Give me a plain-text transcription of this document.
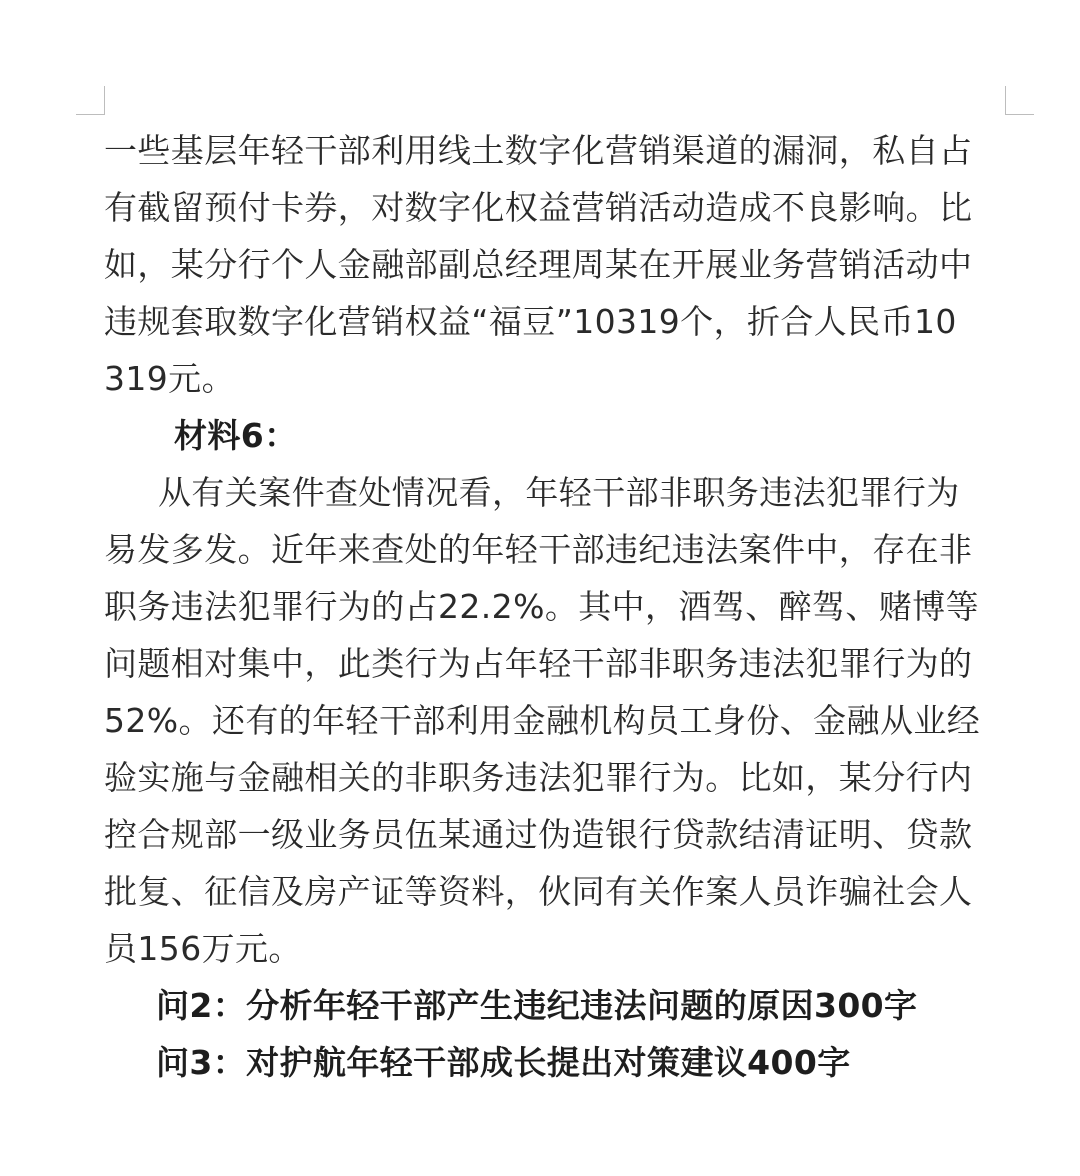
一些基层年轻干部利用线土数字化营销渠道的漏洞，私自占
有截留预付卡券，对数字化权益营销活动造成不良影响。比
如，某分行个人金融部副总经理周某在开展业务营销活动中
违规套取数字化营销权益“福豆”10319个，折合人民币10
319元。
材料6：
从有关案件查处情况看，年轻干部非职务违法犯罪行为
易发多发。近年来查处的年轻干部违纪违法案件中，存在非
职务违法犯罪行为的占22.2%。其中，酒驾、醉驾、赌博等
问题相对集中，此类行为占年轻干部非职务违法犯罪行为的
52%。还有的年轻干部利用金融机构员工身份、金融从业经
验实施与金融相关的非职务违法犯罪行为。比如，某分行内
控合规部一级业务员伍某通过伪造银行贷款结清证明、贷款
批复、征信及房产证等资料，伙同有关作案人员诈骗社会人
员156万元。
问2：分析年轻干部产生违纪违法问题的原因300字
问3：对护航年轻干部成长提出对策建议400字
